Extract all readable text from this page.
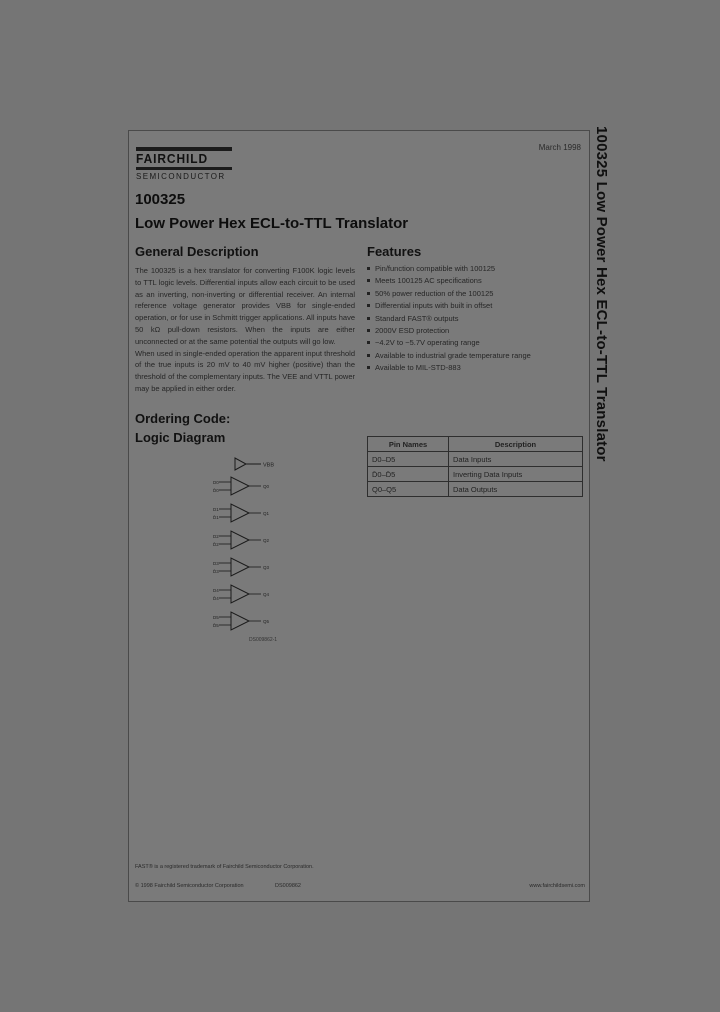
FAIRCHILD
SEMICONDUCTOR
March 1998
100325
Low Power Hex ECL-to-TTL Translator
General Description

The 100325 is a hex translator for converting F100K logic levels to TTL logic levels. Differential inputs allow each circuit to be used as an inverting, non-inverting or differential receiver. An internal reference voltage generator provides VBB for single-ended operation, or for use in Schmitt trigger applications. All inputs have 50 kΩ pull-down resistors. When the inputs are either unconnected or at the same potential the outputs will go low.

When used in single-ended operation the apparent input threshold of the true inputs is 20 mV to 40 mV higher (positive) than the threshold of the complementary inputs. The VEE and VTTL power may be applied in either order.

Features
Pin/function compatible with 100125
Meets 100125 AC specifications
50% power reduction of the 100125
Differential inputs with built in offset
Standard FAST® outputs
2000V ESD protection
−4.2V to −5.7V operating range
Available to industrial grade temperature range
Available to MIL-STD-883
Ordering Code:
Logic Diagram	Pin Names	Description
D0–D5	Data Inputs
D̄0–D̄5	Inverting Data Inputs
Q0–Q5	Data Outputs
VBB
D0
D̄0
Q0
D1
D̄1
Q1
D2
D̄2
Q2
D3
D̄3
Q3
D4
D̄4
Q4
D5
D̄5
Q5
DS009862-1
FAST® is a registered trademark of Fairchild Semiconductor Corporation.
© 1998 Fairchild Semiconductor Corporation	DS009862	www.fairchildsemi.com
100325 Low Power Hex ECL-to-TTL Translator
